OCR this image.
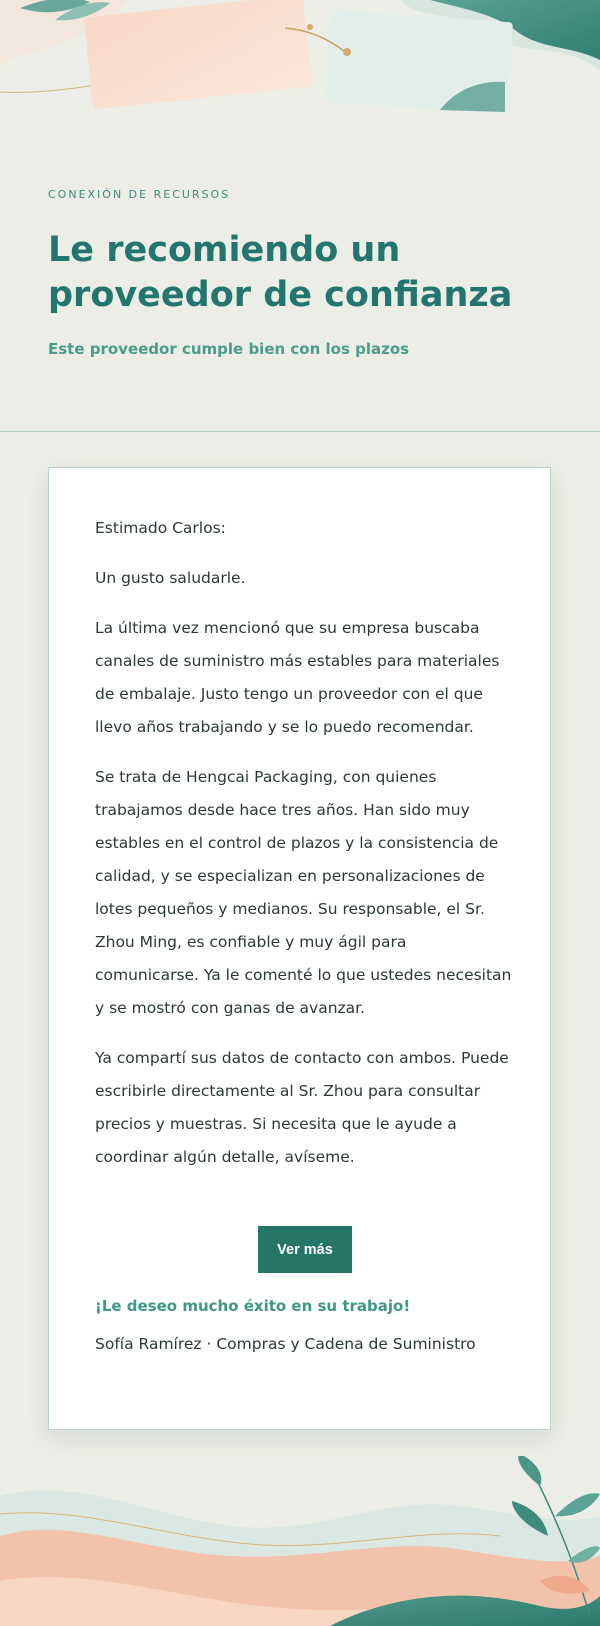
CONEXIÓN DE RECURSOS
Le recomiendo un proveedor de confianza
Este proveedor cumple bien con los plazos
Estimado Carlos:
Un gusto saludarle.
La última vez mencionó que su empresa buscaba canales de suministro más estables para materiales de embalaje. Justo tengo un proveedor con el que llevo años trabajando y se lo puedo recomendar.
Se trata de Hengcai Packaging, con quienes trabajamos desde hace tres años. Han sido muy estables en el control de plazos y la consistencia de calidad, y se especializan en personalizaciones de lotes pequeños y medianos. Su responsable, el Sr. Zhou Ming, es confiable y muy ágil para comunicarse. Ya le comenté lo que ustedes necesitan y se mostró con ganas de avanzar.
Ya compartí sus datos de contacto con ambos. Puede escribirle directamente al Sr. Zhou para consultar precios y muestras. Si necesita que le ayude a coordinar algún detalle, avíseme.
Ver más
¡Le deseo mucho éxito en su trabajo!
Sofía Ramírez · Compras y Cadena de Suministro
